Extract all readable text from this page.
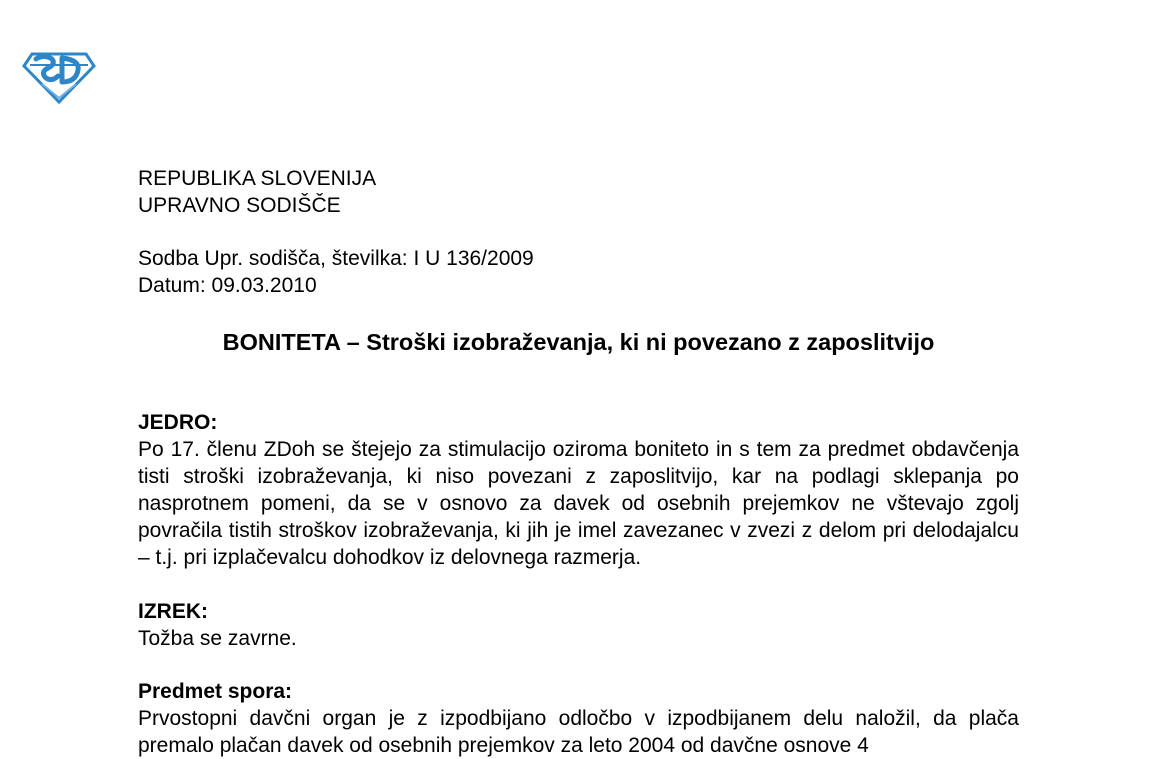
REPUBLIKA SLOVENIJA
UPRAVNO SODIŠČE
Sodba Upr. sodišča, številka: I U 136/2009
Datum: 09.03.2010
BONITETA – Stroški izobraževanja, ki ni povezano z zaposlitvijo
JEDRO:
Po 17. členu ZDoh se štejejo za stimulacijo oziroma boniteto in s tem za predmet obdavčenja tisti stroški izobraževanja, ki niso povezani z zaposlitvijo, kar na podlagi sklepanja po nasprotnem pomeni, da se v osnovo za davek od osebnih prejemkov ne vštevajo zgolj povračila tistih stroškov izobraževanja, ki jih je imel zavezanec v zvezi z delom pri delodajalcu – t.j. pri izplačevalcu dohodkov iz delovnega razmerja.
IZREK:
Tožba se zavrne.
Predmet spora:
Prvostopni davčni organ je z izpodbijano odločbo v izpodbijanem delu naložil, da plača premalo plačan davek od osebnih prejemkov za leto 2004 od davčne osnove 4
